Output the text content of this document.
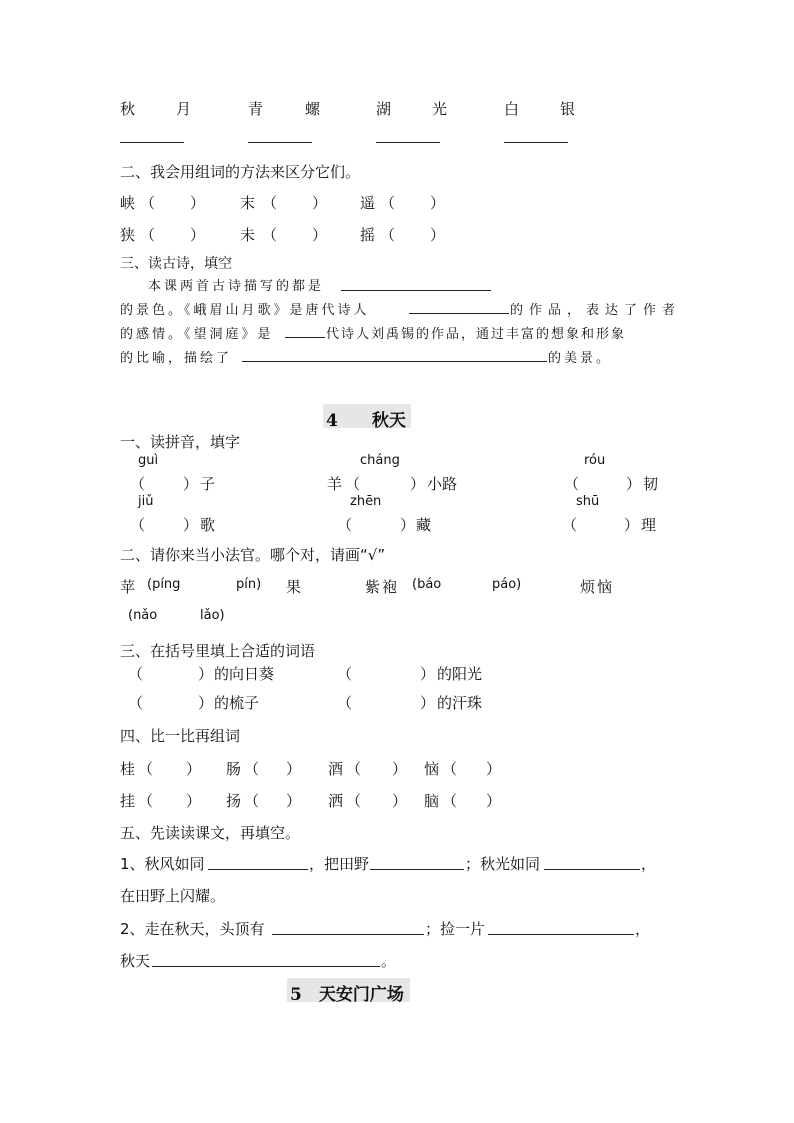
秋 月	青	螺	湖 光	白 银
二、我会用组词的方法来区分它们。
峡 （ ） 末 （ ） 遥 （ ）
狭 （ ） 未 （ ） 摇 （ ）
三、读古诗，填空
本课两首古诗描写的都是
的景色。《峨眉山月歌》是唐代诗人	的作品，表达了作者
的感情。《望洞庭》是	代诗人刘禹锡的作品，通过丰富的想象和形象
的比喻，描绘了	的美景。
4　　秋天
一、读拼音，填字
guì	cháng	róu
（	） 子	羊 （	） 小路	（	） 韧
jiǔ	zhēn	shū
（	） 歌	（	） 藏	（	） 理
二、请你来当小法官。哪个对，请画“√”
苹 (píng	pín) 果	紫袍 (báo	páo)	烦恼
(nǎo	lǎo)
三、在括号里填上合适的词语
（	） 的向日葵	（	） 的阳光
（	） 的梳子	（	） 的汗珠
四、比一比再组词
桂 （ ） 肠 （ ） 酒 （ ） 恼 （ ）
挂 （ ） 扬 （ ） 洒 （ ） 脑 （ ）
五、先读读课文，再填空。
1、秋风如同	，把田野	；秋光如同	，
在田野上闪耀。
2、走在秋天，头顶有	；捡一片	，
秋天	。
5　天安门广场
